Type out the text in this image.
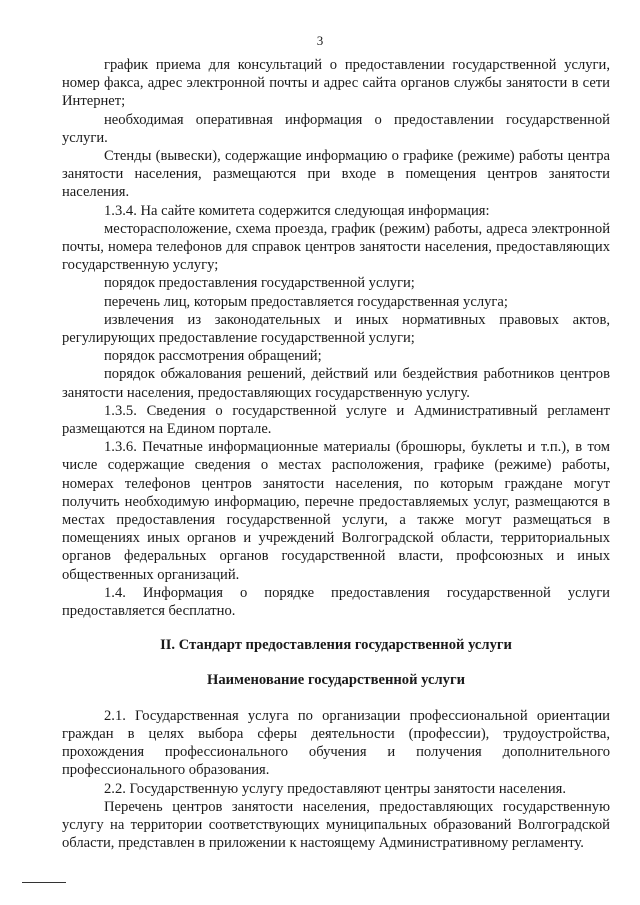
3

график приема для консультаций о предоставлении государственной услуги, номер факса, адрес электронной почты и адрес сайта органов службы занятости в сети Интернет;

необходимая оперативная информация о предоставлении государственной услуги.

Стенды (вывески), содержащие информацию о графике (режиме) работы центра занятости населения, размещаются при входе в помещения центров занятости населения.

1.3.4. На сайте комитета содержится следующая информация:

месторасположение, схема проезда, график (режим) работы, адреса электронной почты, номера телефонов для справок центров занятости населения, предоставляющих государственную услугу;

порядок предоставления государственной услуги;

перечень лиц, которым предоставляется государственная услуга;

извлечения из законодательных и иных нормативных правовых актов, регулирующих предоставление государственной услуги;

порядок рассмотрения обращений;

порядок обжалования решений, действий или бездействия работников центров занятости населения, предоставляющих государственную услугу.

1.3.5. Сведения о государственной услуге и Административный регламент размещаются на Едином портале.

1.3.6. Печатные информационные материалы (брошюры, буклеты и т.п.), в том числе содержащие сведения о местах расположения, графике (режиме) работы, номерах телефонов центров занятости населения, по которым граждане могут получить необходимую информацию, перечне предоставляемых услуг, размещаются в местах предоставления государственной услуги, а также могут размещаться в помещениях иных органов и учреждений Волгоградской области, территориальных органов федеральных органов государственной власти, профсоюзных и иных общественных организаций.

1.4. Информация о порядке предоставления государственной услуги предоставляется бесплатно.

II. Стандарт предоставления государственной услуги
Наименование государственной услуги

2.1. Государственная услуга по организации профессиональной ориентации граждан в целях выбора сферы деятельности (профессии), трудоустройства, прохождения профессионального обучения и получения дополнительного профессионального образования.

2.2. Государственную услугу предоставляют центры занятости населения.

Перечень центров занятости населения, предоставляющих государственную услугу на территории соответствующих муниципальных образований Волгоградской области, представлен в приложении к настоящему Административному регламенту.
